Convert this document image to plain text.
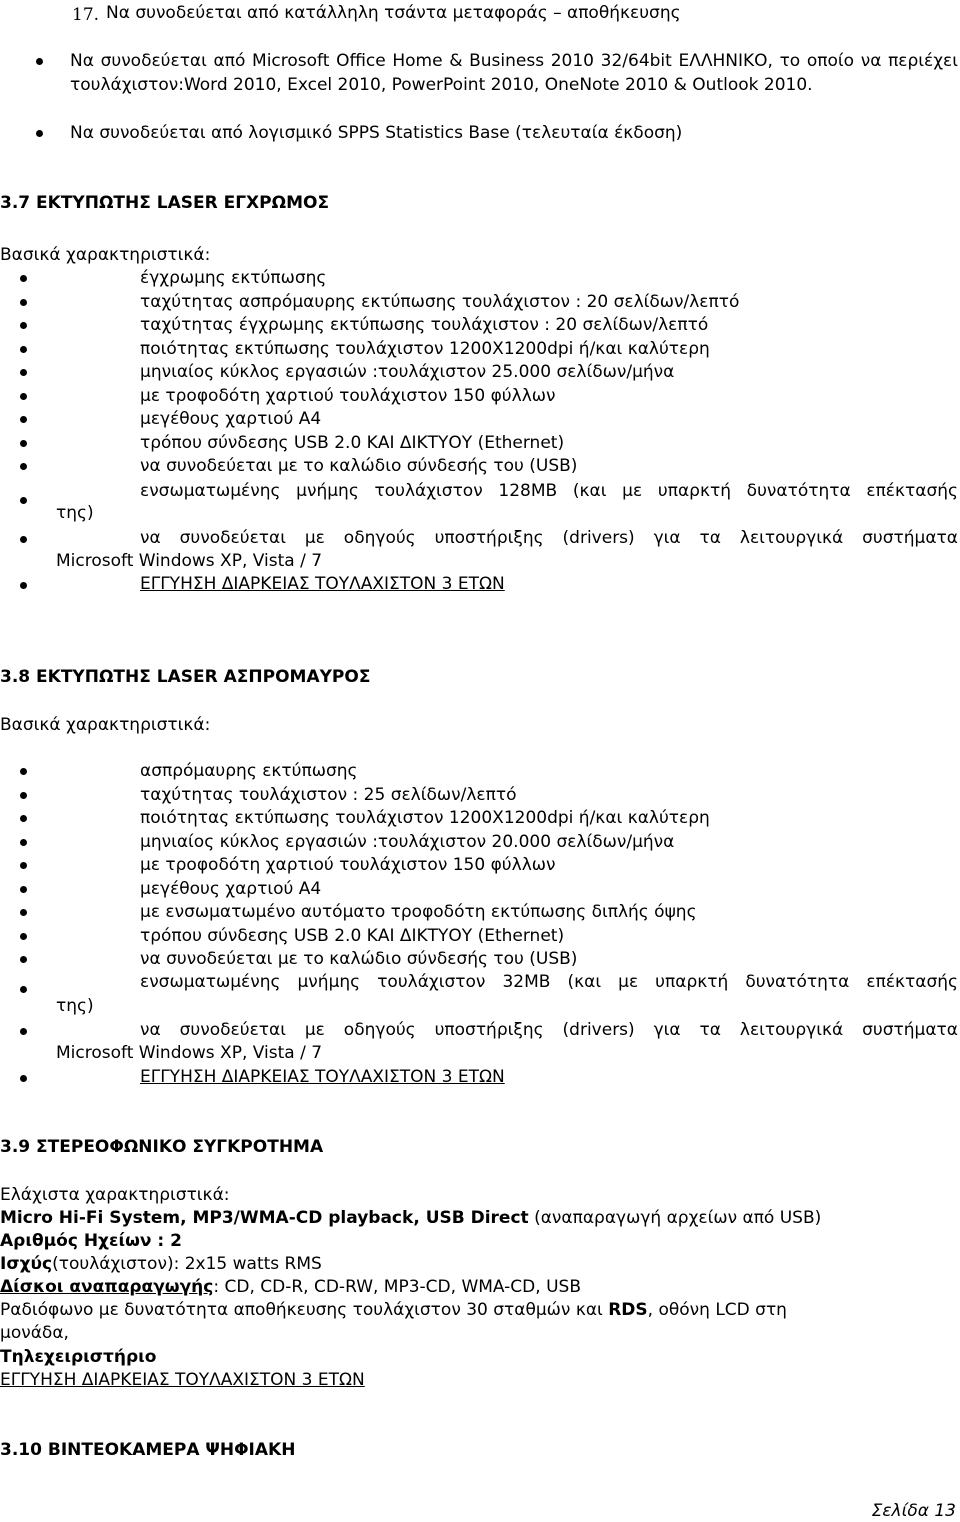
17. Να συνοδεύεται από κατάλληλη τσάντα μεταφοράς – αποθήκευσης
Να συνοδεύεται από Microsoft Office Home & Business 2010 32/64bit ΕΛΛΗΝΙΚΟ, το οποίο να περιέχει τουλάχιστον:Word 2010, Excel 2010, PowerPoint 2010, OneNote 2010 & Outlook 2010.
Να συνοδεύεται από λογισμικό SPPS Statistics Base (τελευταία έκδοση)
3.7 ΕΚΤΥΠΩΤΗΣ LASER ΕΓΧΡΩΜΟΣ
Βασικά χαρακτηριστικά:
έγχρωμης εκτύπωσης
ταχύτητας ασπρόμαυρης εκτύπωσης τουλάχιστον : 20 σελίδων/λεπτό
ταχύτητας έγχρωμης εκτύπωσης τουλάχιστον : 20 σελίδων/λεπτό
ποιότητας εκτύπωσης τουλάχιστον 1200Χ1200dpi ή/και καλύτερη
μηνιαίος κύκλος εργασιών :τουλάχιστον 25.000 σελίδων/μήνα
με τροφοδότη χαρτιού τουλάχιστον 150 φύλλων
μεγέθους χαρτιού Α4
τρόπου σύνδεσης USB 2.0 ΚΑΙ ΔΙΚΤΥΟΥ (Ethernet)
να συνοδεύεται με το καλώδιο σύνδεσής του (USB)
ενσωματωμένης μνήμης τουλάχιστον 128MB (και με υπαρκτή δυνατότητα επέκτασής
της)
να συνοδεύεται με οδηγούς υποστήριξης (drivers) για τα λειτουργικά συστήματα
Microsoft Windows XP, Vista / 7
ΕΓΓΥΗΣΗ ΔΙΑΡΚΕΙΑΣ ΤΟΥΛΑΧΙΣΤΟΝ 3 ΕΤΩΝ
3.8 ΕΚΤΥΠΩΤΗΣ LASER ΑΣΠΡΟΜΑΥΡΟΣ
Βασικά χαρακτηριστικά:
ασπρόμαυρης εκτύπωσης
ταχύτητας τουλάχιστον : 25 σελίδων/λεπτό
ποιότητας εκτύπωσης τουλάχιστον 1200Χ1200dpi ή/και καλύτερη
μηνιαίος κύκλος εργασιών :τουλάχιστον 20.000 σελίδων/μήνα
με τροφοδότη χαρτιού τουλάχιστον 150 φύλλων
μεγέθους χαρτιού Α4
με ενσωματωμένο αυτόματο τροφοδότη εκτύπωσης διπλής όψης
τρόπου σύνδεσης USB 2.0 ΚΑΙ ΔΙΚΤΥΟΥ (Ethernet)
να συνοδεύεται με το καλώδιο σύνδεσής του (USB)
ενσωματωμένης μνήμης τουλάχιστον 32MB (και με υπαρκτή δυνατότητα επέκτασής
της)
να συνοδεύεται με οδηγούς υποστήριξης (drivers) για τα λειτουργικά συστήματα
Microsoft Windows XP, Vista / 7
ΕΓΓΥΗΣΗ ΔΙΑΡΚΕΙΑΣ ΤΟΥΛΑΧΙΣΤΟΝ 3 ΕΤΩΝ
3.9 ΣΤΕΡΕΟΦΩΝΙΚΟ ΣΥΓΚΡΟΤΗΜΑ
Ελάχιστα χαρακτηριστικά:
Micro Hi-Fi System, MP3/WMA-CD playback, USB Direct (αναπαραγωγή αρχείων από USB)
Αριθμός Ηχείων : 2
Ισχύς(τουλάχιστον): 2x15 watts RMS
Δίσκοι αναπαραγωγής: CD, CD-R, CD-RW, MP3-CD, WMA-CD, USB
Ραδιόφωνο με δυνατότητα αποθήκευσης τουλάχιστον 30 σταθμών και RDS, οθόνη LCD στη
μονάδα,
Τηλεχειριστήριο
ΕΓΓΥΗΣΗ ΔΙΑΡΚΕΙΑΣ ΤΟΥΛΑΧΙΣΤΟΝ 3 ΕΤΩΝ
3.10 ΒΙΝΤΕΟΚΑΜΕΡΑ ΨΗΦΙΑΚΗ
Σελίδα 13
